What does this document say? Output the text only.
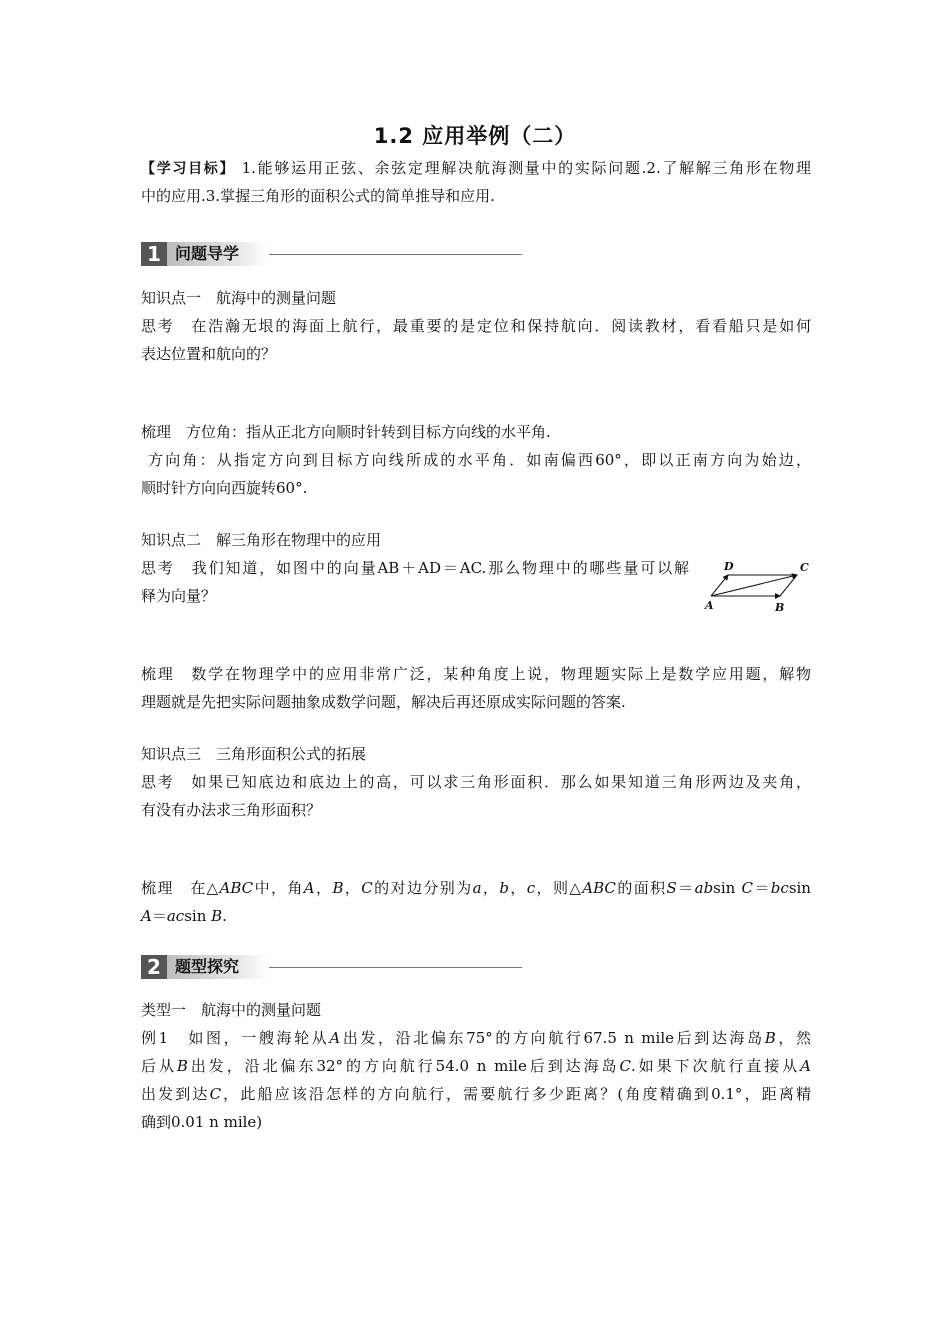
1.2 应用举例（二）
【学习目标】 1.能够运用正弦、余弦定理解决航海测量中的实际问题.2.了解解三角形在物理
中的应用.3.掌握三角形的面积公式的简单推导和应用.
1 问题导学
知识点一　航海中的测量问题
思考　在浩瀚无垠的海面上航行，最重要的是定位和保持航向．阅读教材，看看船只是如何
表达位置和航向的？
梳理　方位角：指从正北方向顺时针转到目标方向线的水平角.
方向角：从指定方向到目标方向线所成的水平角．如南偏西60°，即以正南方向为始边，
顺时针方向向西旋转60°.
知识点二　解三角形在物理中的应用
思考　我们知道，如图中的向量AB＋AD＝AC.那么物理中的哪些量可以解
释为向量？
D	C
A	B
梳理　数学在物理学中的应用非常广泛，某种角度上说，物理题实际上是数学应用题，解物
理题就是先把实际问题抽象成数学问题，解决后再还原成实际问题的答案.
知识点三　三角形面积公式的拓展
思考　如果已知底边和底边上的高，可以求三角形面积．那么如果知道三角形两边及夹角，
有没有办法求三角形面积？
梳理　在△ABC中，角A，B，C的对边分别为a，b，c，则△ABC的面积S＝absin C＝bcsin
A＝acsin B.
2 题型探究
类型一　航海中的测量问题
例1　如图，一艘海轮从A出发，沿北偏东75°的方向航行67.5 n mile后到达海岛B，然
后从B出发，沿北偏东32°的方向航行54.0 n mile后到达海岛C.如果下次航行直接从A
出发到达C，此船应该沿怎样的方向航行，需要航行多少距离？(角度精确到0.1°，距离精
确到0.01 n mile)
